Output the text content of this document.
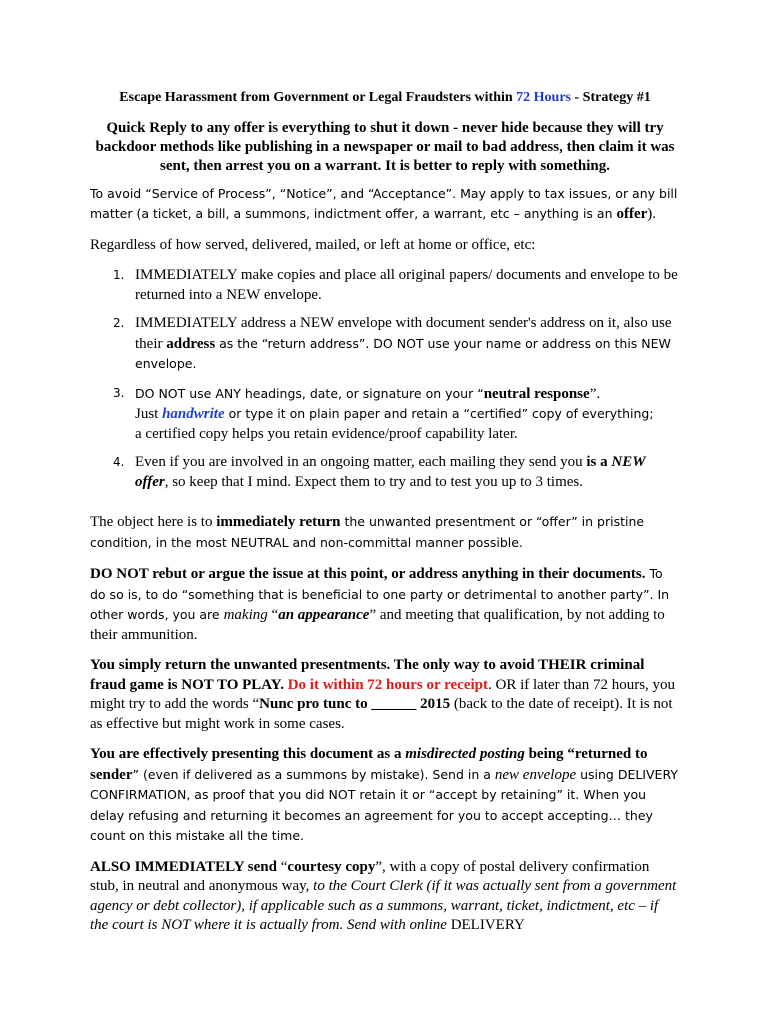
Escape Harassment from Government or Legal Fraudsters within 72 Hours - Strategy #1
Quick Reply to any offer is everything to shut it down - never hide because they will try backdoor methods like publishing in a newspaper or mail to bad address, then claim it was sent, then arrest you on a warrant. It is better to reply with something.

To avoid “Service of Process”, “Notice”, and “Acceptance”. May apply to tax issues, or any bill matter (a ticket, a bill, a summons, indictment offer, a warrant, etc – anything is an offer).

Regardless of how served, delivered, mailed, or left at home or office, etc:

1. IMMEDIATELY make copies and place all original papers/ documents and envelope to be returned into a NEW envelope.
2. IMMEDIATELY address a NEW envelope with document sender's address on it, also use their address as the “return address”. DO NOT use your name or address on this NEW envelope.
3. DO NOT use ANY headings, date, or signature on your “neutral response”.
Just handwrite or type it on plain paper and retain a “certified” copy of everything;
a certified copy helps you retain evidence/proof capability later.
4. Even if you are involved in an ongoing matter, each mailing they send you is a NEW offer, so keep that I mind. Expect them to try and to test you up to 3 times.

The object here is to immediately return the unwanted presentment or “offer” in pristine condition, in the most NEUTRAL and non-committal manner possible.

DO NOT rebut or argue the issue at this point, or address anything in their documents. To do so is, to do “something that is beneficial to one party or detrimental to another party”. In other words, you are making “an appearance” and meeting that qualification, by not adding to their ammunition.

You simply return the unwanted presentments. The only way to avoid THEIR criminal fraud game is NOT TO PLAY. Do it within 72 hours or receipt. OR if later than 72 hours, you might try to add the words “Nunc pro tunc to ______ 2015 (back to the date of receipt). It is not as effective but might work in some cases.

You are effectively presenting this document as a misdirected posting being “returned to sender” (even if delivered as a summons by mistake). Send in a new envelope using DELIVERY CONFIRMATION, as proof that you did NOT retain it or “accept by retaining” it. When you delay refusing and returning it becomes an agreement for you to accept accepting… they count on this mistake all the time.

ALSO IMMEDIATELY send “courtesy copy”, with a copy of postal delivery confirmation stub, in neutral and anonymous way, to the Court Clerk (if it was actually sent from a government agency or debt collector), if applicable such as a summons, warrant, ticket, indictment, etc – if the court is NOT where it is actually from. Send with online DELIVERY
